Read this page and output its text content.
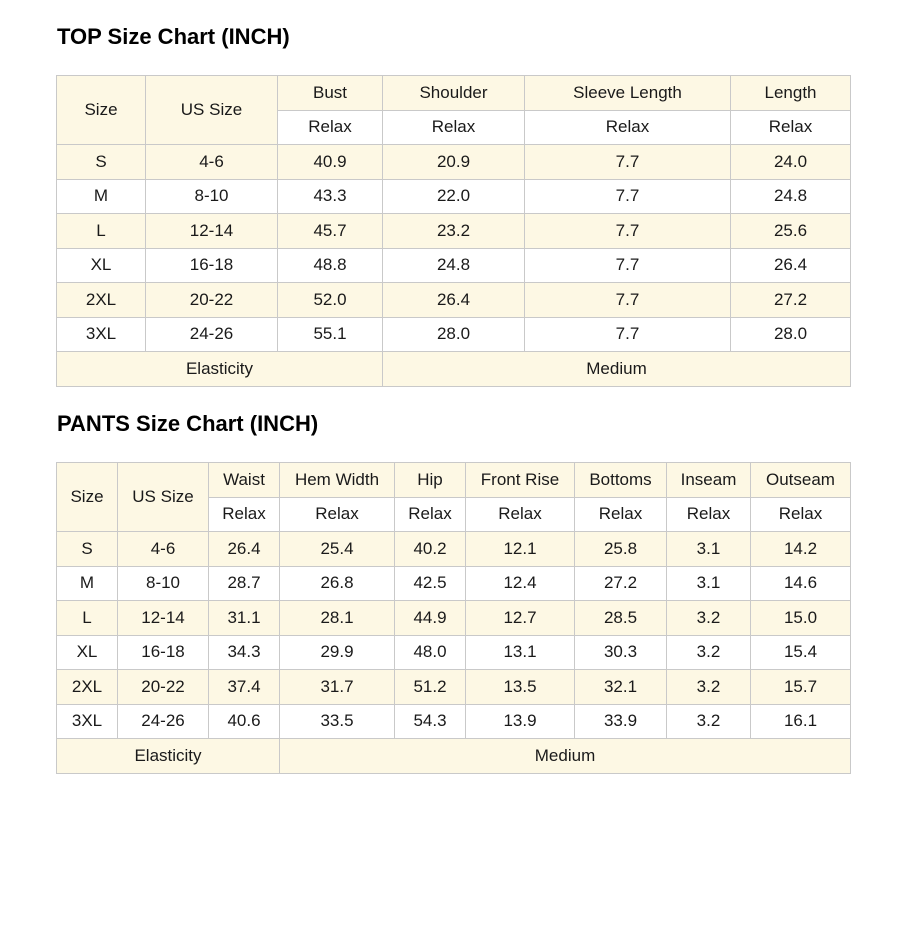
TOP Size Chart (INCH)
Size	US Size	Bust	Shoulder	Sleeve Length	Length
		Relax	Relax	Relax	Relax
S	4-6	40.9	20.9	7.7	24.0
M	8-10	43.3	22.0	7.7	24.8
L	12-14	45.7	23.2	7.7	25.6
XL	16-18	48.8	24.8	7.7	26.4
2XL	20-22	52.0	26.4	7.7	27.2
3XL	24-26	55.1	28.0	7.7	28.0
Elasticity			Medium		
PANTS Size Chart (INCH)
Size	US Size	Waist	Hem Width	Hip	Front Rise	Bottoms	Inseam	Outseam
		Relax	Relax	Relax	Relax	Relax	Relax	Relax
S	4-6	26.4	25.4	40.2	12.1	25.8	3.1	14.2
M	8-10	28.7	26.8	42.5	12.4	27.2	3.1	14.6
L	12-14	31.1	28.1	44.9	12.7	28.5	3.2	15.0
XL	16-18	34.3	29.9	48.0	13.1	30.3	3.2	15.4
2XL	20-22	37.4	31.7	51.2	13.5	32.1	3.2	15.7
3XL	24-26	40.6	33.5	54.3	13.9	33.9	3.2	16.1
Elasticity			Medium					
